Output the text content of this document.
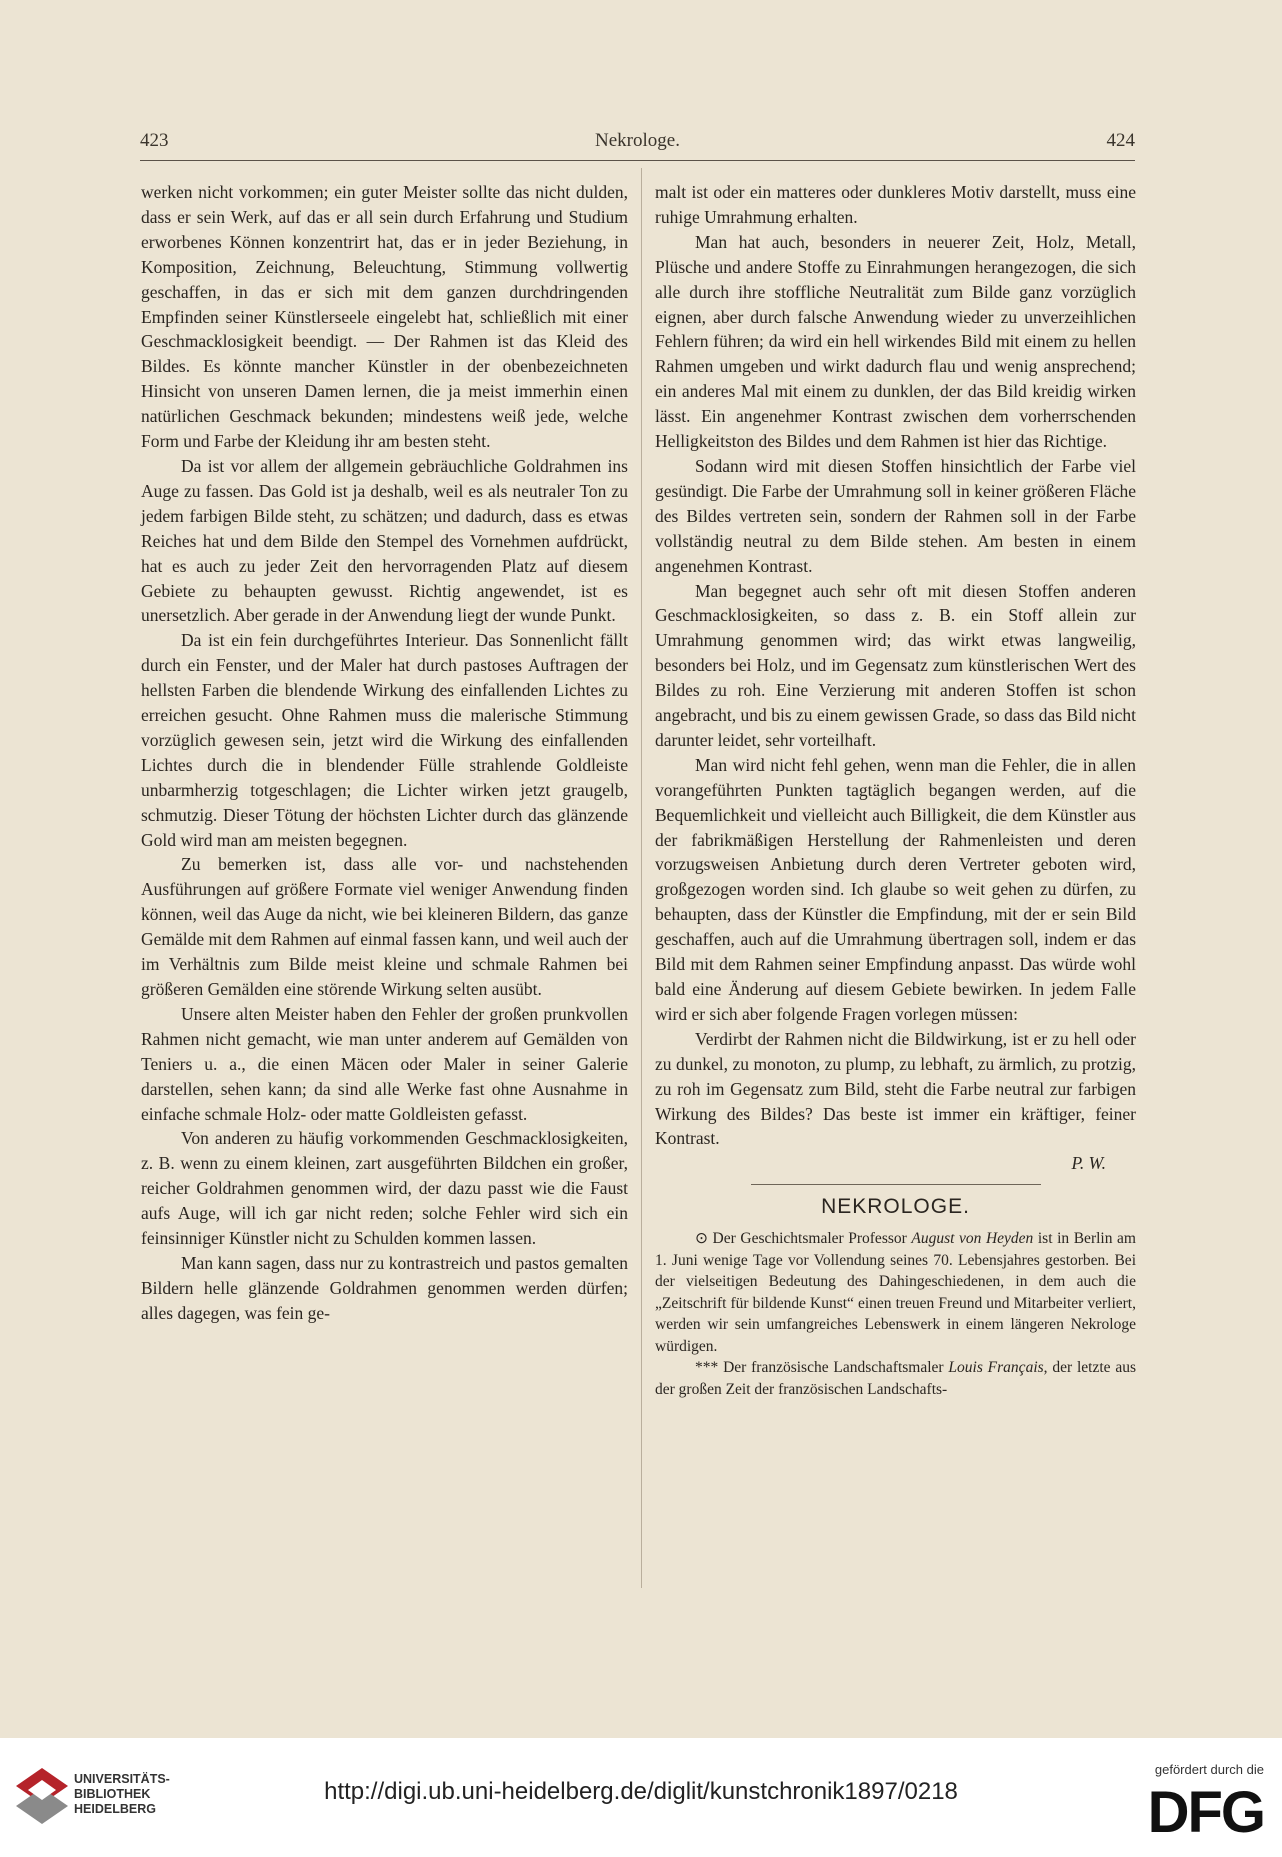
423	Nekrologe.	424

werken nicht vorkommen; ein guter Meister sollte das nicht dulden, dass er sein Werk, auf das er all sein durch Erfahrung und Studium erworbenes Können konzentrirt hat, das er in jeder Beziehung, in Komposition, Zeichnung, Beleuchtung, Stimmung vollwertig geschaffen, in das er sich mit dem ganzen durchdringenden Empfinden seiner Künstlerseele eingelebt hat, schließlich mit einer Geschmacklosigkeit beendigt. — Der Rahmen ist das Kleid des Bildes. Es könnte mancher Künstler in der obenbezeichneten Hinsicht von unseren Damen lernen, die ja meist immerhin einen natürlichen Geschmack bekunden; mindestens weiß jede, welche Form und Farbe der Kleidung ihr am besten steht.

Da ist vor allem der allgemein gebräuchliche Goldrahmen ins Auge zu fassen. Das Gold ist ja deshalb, weil es als neutraler Ton zu jedem farbigen Bilde steht, zu schätzen; und dadurch, dass es etwas Reiches hat und dem Bilde den Stempel des Vornehmen aufdrückt, hat es auch zu jeder Zeit den hervorragenden Platz auf diesem Gebiete zu behaupten gewusst. Richtig angewendet, ist es unersetzlich. Aber gerade in der Anwendung liegt der wunde Punkt.

Da ist ein fein durchgeführtes Interieur. Das Sonnenlicht fällt durch ein Fenster, und der Maler hat durch pastoses Auftragen der hellsten Farben die blendende Wirkung des einfallenden Lichtes zu erreichen gesucht. Ohne Rahmen muss die malerische Stimmung vorzüglich gewesen sein, jetzt wird die Wirkung des einfallenden Lichtes durch die in blendender Fülle strahlende Goldleiste unbarmherzig totgeschlagen; die Lichter wirken jetzt graugelb, schmutzig. Dieser Tötung der höchsten Lichter durch das glänzende Gold wird man am meisten begegnen.

Zu bemerken ist, dass alle vor- und nachstehenden Ausführungen auf größere Formate viel weniger Anwendung finden können, weil das Auge da nicht, wie bei kleineren Bildern, das ganze Gemälde mit dem Rahmen auf einmal fassen kann, und weil auch der im Verhältnis zum Bilde meist kleine und schmale Rahmen bei größeren Gemälden eine störende Wirkung selten ausübt.

Unsere alten Meister haben den Fehler der großen prunkvollen Rahmen nicht gemacht, wie man unter anderem auf Gemälden von Teniers u. a., die einen Mäcen oder Maler in seiner Galerie darstellen, sehen kann; da sind alle Werke fast ohne Ausnahme in einfache schmale Holz- oder matte Goldleisten gefasst.

Von anderen zu häufig vorkommenden Geschmacklosigkeiten, z. B. wenn zu einem kleinen, zart ausgeführten Bildchen ein großer, reicher Goldrahmen genommen wird, der dazu passt wie die Faust aufs Auge, will ich gar nicht reden; solche Fehler wird sich ein feinsinniger Künstler nicht zu Schulden kommen lassen.

Man kann sagen, dass nur zu kontrastreich und pastos gemalten Bildern helle glänzende Goldrahmen genommen werden dürfen; alles dagegen, was fein ge-

malt ist oder ein matteres oder dunkleres Motiv darstellt, muss eine ruhige Umrahmung erhalten.

Man hat auch, besonders in neuerer Zeit, Holz, Metall, Plüsche und andere Stoffe zu Einrahmungen herangezogen, die sich alle durch ihre stoffliche Neutralität zum Bilde ganz vorzüglich eignen, aber durch falsche Anwendung wieder zu unverzeihlichen Fehlern führen; da wird ein hell wirkendes Bild mit einem zu hellen Rahmen umgeben und wirkt dadurch flau und wenig ansprechend; ein anderes Mal mit einem zu dunklen, der das Bild kreidig wirken lässt. Ein angenehmer Kontrast zwischen dem vorherrschenden Helligkeitston des Bildes und dem Rahmen ist hier das Richtige.

Sodann wird mit diesen Stoffen hinsichtlich der Farbe viel gesündigt. Die Farbe der Umrahmung soll in keiner größeren Fläche des Bildes vertreten sein, sondern der Rahmen soll in der Farbe vollständig neutral zu dem Bilde stehen. Am besten in einem angenehmen Kontrast.

Man begegnet auch sehr oft mit diesen Stoffen anderen Geschmacklosigkeiten, so dass z. B. ein Stoff allein zur Umrahmung genommen wird; das wirkt etwas langweilig, besonders bei Holz, und im Gegensatz zum künstlerischen Wert des Bildes zu roh. Eine Verzierung mit anderen Stoffen ist schon angebracht, und bis zu einem gewissen Grade, so dass das Bild nicht darunter leidet, sehr vorteilhaft.

Man wird nicht fehl gehen, wenn man die Fehler, die in allen vorangeführten Punkten tagtäglich begangen werden, auf die Bequemlichkeit und vielleicht auch Billigkeit, die dem Künstler aus der fabrikmäßigen Herstellung der Rahmenleisten und deren vorzugsweisen Anbietung durch deren Vertreter geboten wird, großgezogen worden sind. Ich glaube so weit gehen zu dürfen, zu behaupten, dass der Künstler die Empfindung, mit der er sein Bild geschaffen, auch auf die Umrahmung übertragen soll, indem er das Bild mit dem Rahmen seiner Empfindung anpasst. Das würde wohl bald eine Änderung auf diesem Gebiete bewirken. In jedem Falle wird er sich aber folgende Fragen vorlegen müssen:

Verdirbt der Rahmen nicht die Bildwirkung, ist er zu hell oder zu dunkel, zu monoton, zu plump, zu lebhaft, zu ärmlich, zu protzig, zu roh im Gegensatz zum Bild, steht die Farbe neutral zur farbigen Wirkung des Bildes? Das beste ist immer ein kräftiger, feiner Kontrast.

P. W.

NEKROLOGE.

⊙ Der Geschichtsmaler Professor August von Heyden ist in Berlin am 1. Juni wenige Tage vor Vollendung seines 70. Lebensjahres gestorben. Bei der vielseitigen Bedeutung des Dahingeschiedenen, in dem auch die „Zeitschrift für bildende Kunst“ einen treuen Freund und Mitarbeiter verliert, werden wir sein umfangreiches Lebenswerk in einem längeren Nekrologe würdigen.

*** Der französische Landschaftsmaler Louis Français, der letzte aus der großen Zeit der französischen Landschafts-

UNIVERSITÄTS-
BIBLIOTHEK
HEIDELBERG
http://digi.ub.uni-heidelberg.de/diglit/kunstchronik1897/0218
gefördert durch die
DFG
